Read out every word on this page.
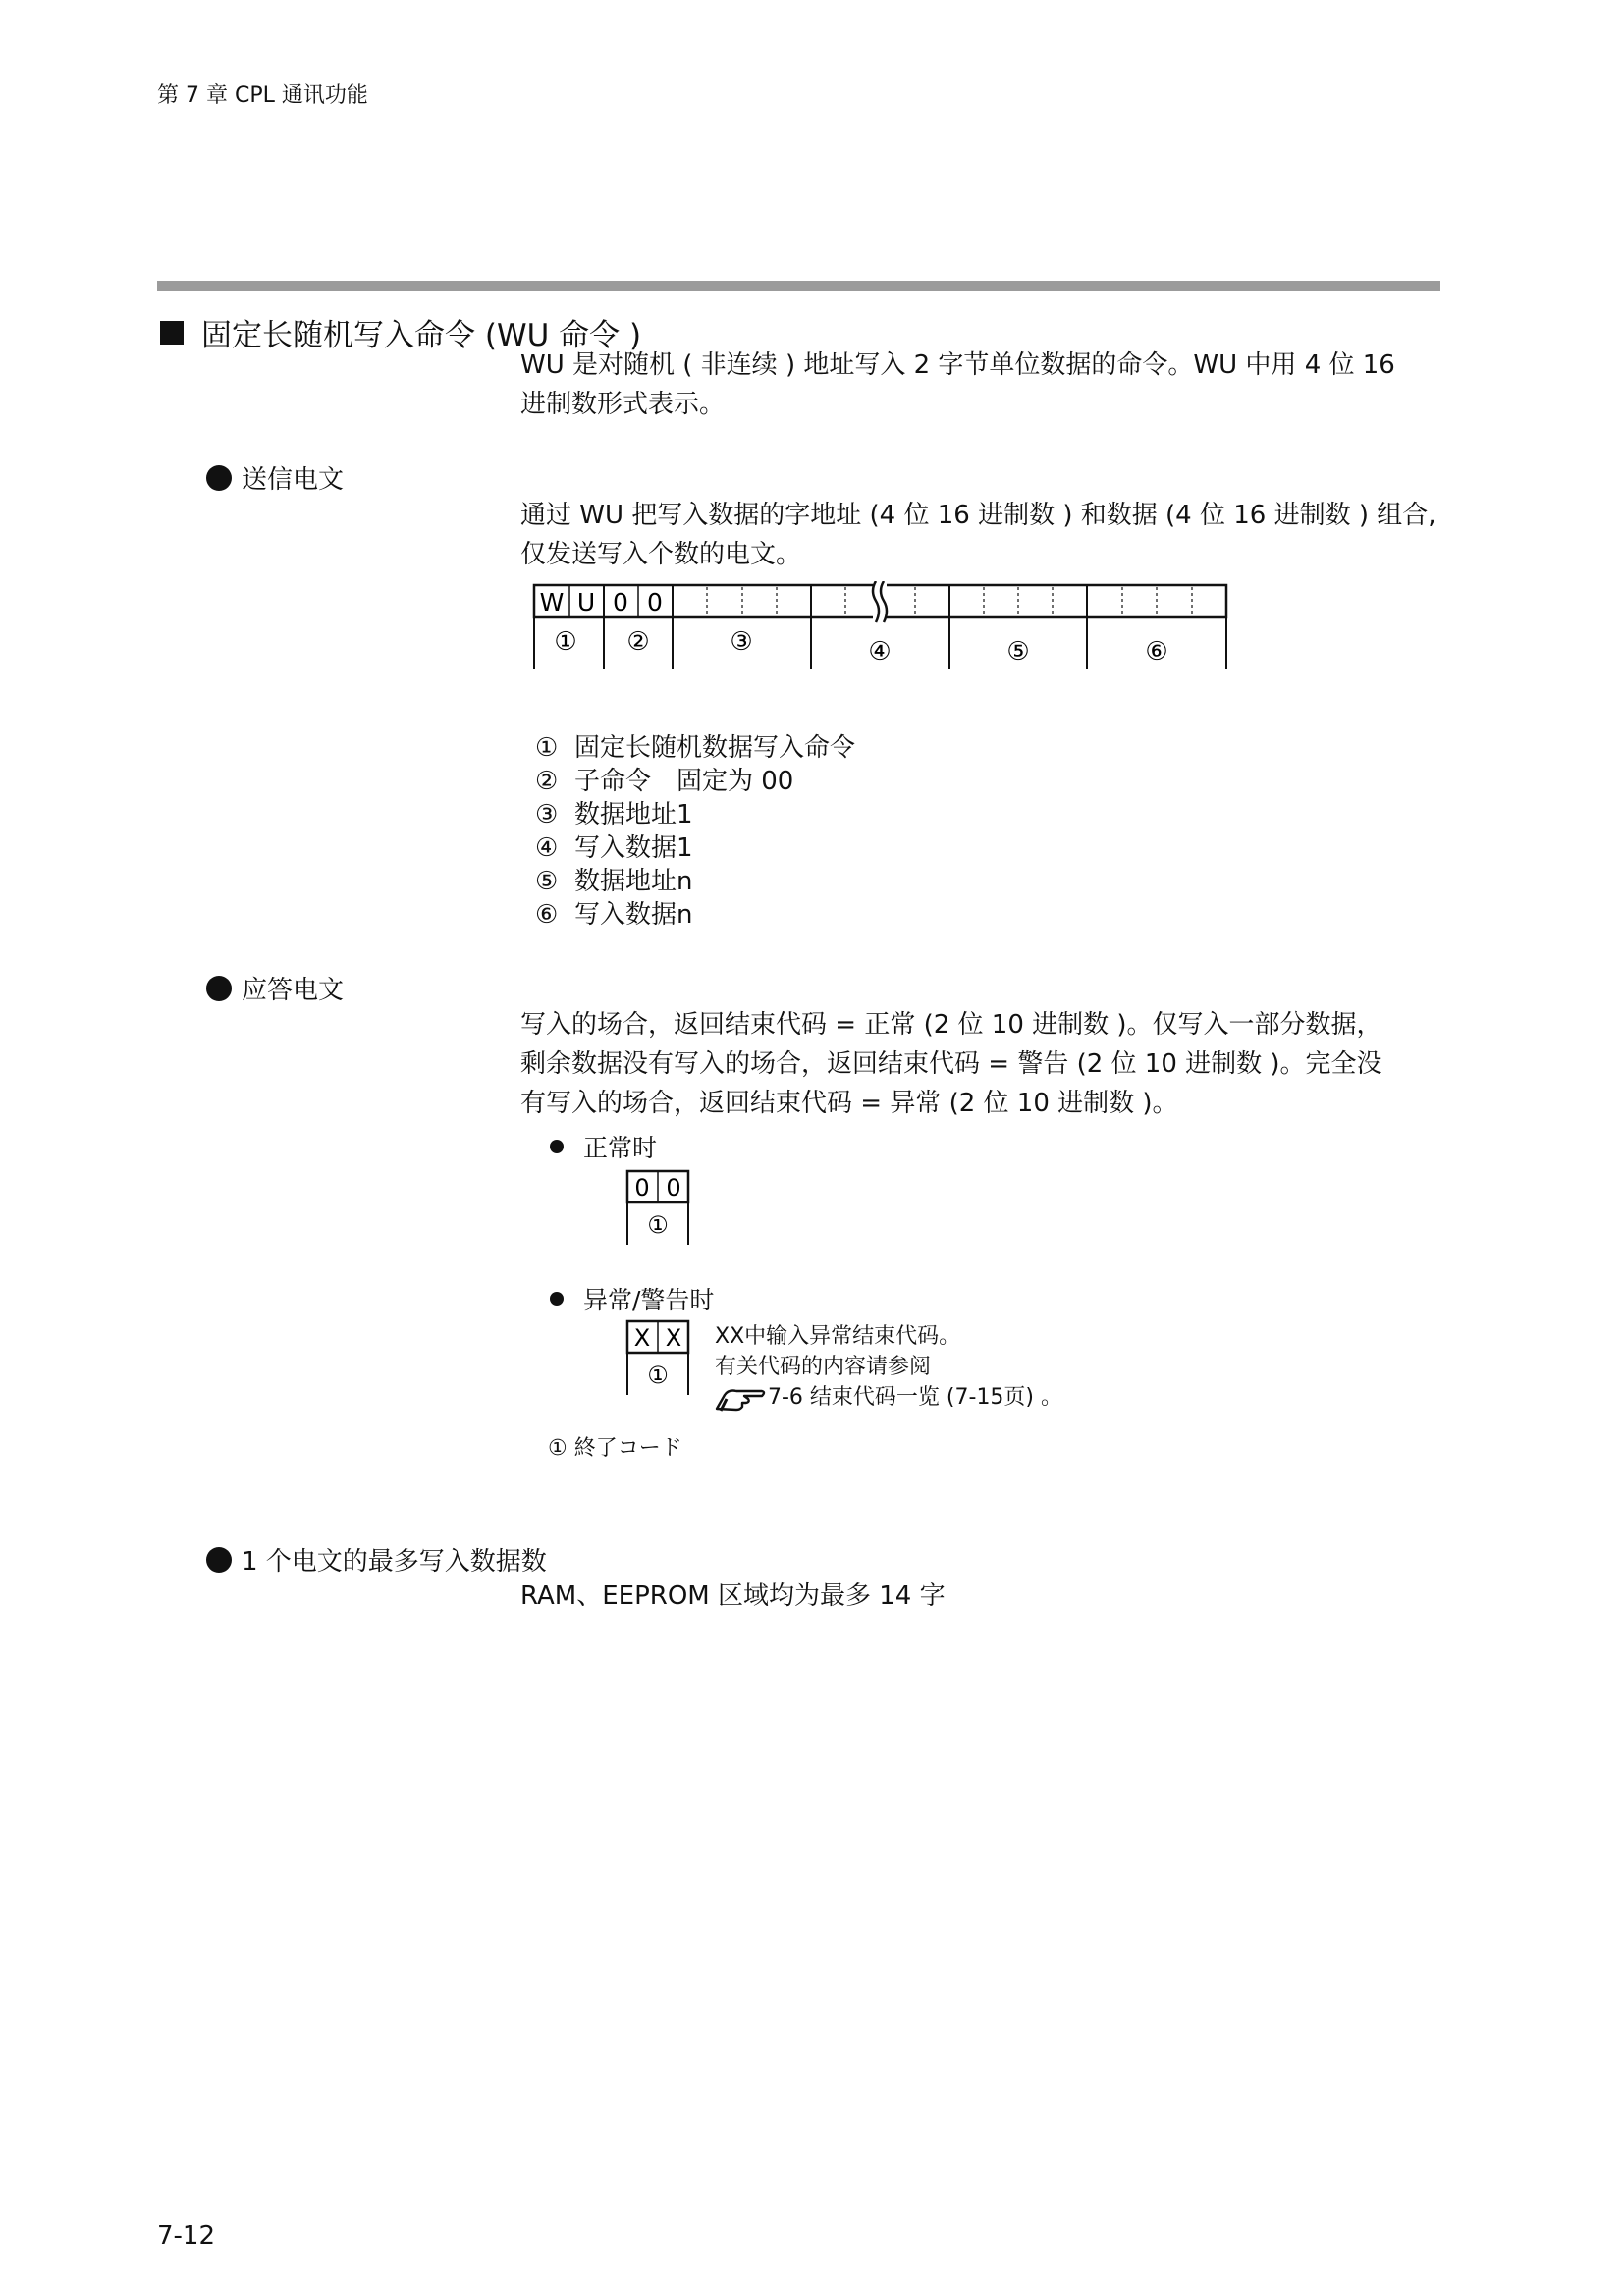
第 7 章 CPL 通讯功能
固定长随机写入命令 (WU 命令 )
WU 是对随机 ( 非连续 ) 地址写入 2 字节单位数据的命令。WU 中用 4 位 16
进制数形式表示。
送信电文
通过 WU 把写入数据的字地址 (4 位 16 进制数 ) 和数据 (4 位 16 进制数 ) 组合,
仅发送写入个数的电文。
W U 0 0
① ②	③	④	⑤	⑥
① 固定长随机数据写入命令
② 子命令　固定为 00
③ 数据地址1
④ 写入数据1
⑤ 数据地址n
⑥ 写入数据n
应答电文
写入的场合，返回结束代码 = 正常 (2 位 10 进制数 )。仅写入一部分数据，
剩余数据没有写入的场合，返回结束代码 = 警告 (2 位 10 进制数 )。完全没
有写入的场合，返回结束代码 = 异常 (2 位 10 进制数 )。
正常时
0 0
①
异常/警告时
X X
①
XX中输入异常结束代码。
有关代码的内容请参阅
7-6 结束代码一览 (7-15页) 。
① 終了コード
1 个电文的最多写入数据数
RAM、EEPROM 区域均为最多 14 字
7-12
